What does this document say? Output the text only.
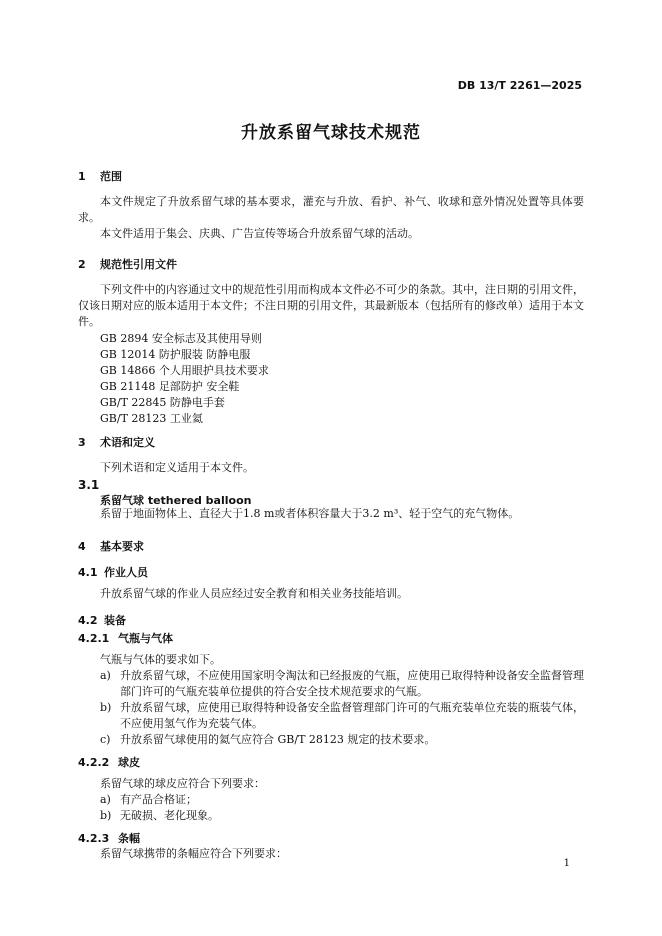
DB 13/T 2261—2025
升放系留气球技术规范
1 范围
本文件规定了升放系留气球的基本要求，灌充与升放、看护、补气、收球和意外情况处置等具体要求。
本文件适用于集会、庆典、广告宣传等场合升放系留气球的活动。
2 规范性引用文件
下列文件中的内容通过文中的规范性引用而构成本文件必不可少的条款。其中，注日期的引用文件，仅该日期对应的版本适用于本文件；不注日期的引用文件，其最新版本（包括所有的修改单）适用于本文件。
GB 2894 安全标志及其使用导则
GB 12014 防护服装 防静电服
GB 14866 个人用眼护具技术要求
GB 21148 足部防护 安全鞋
GB/T 22845 防静电手套
GB/T 28123 工业氦
3 术语和定义
下列术语和定义适用于本文件。
3.1
系留气球 tethered balloon
系留于地面物体上、直径大于1.8 m或者体积容量大于3.2 m³、轻于空气的充气物体。
4 基本要求
4.1 作业人员
升放系留气球的作业人员应经过安全教育和相关业务技能培训。
4.2 装备
4.2.1 气瓶与气体
气瓶与气体的要求如下。
a) 升放系留气球，不应使用国家明令淘汰和已经报废的气瓶，应使用已取得特种设备安全监督管理部门许可的气瓶充装单位提供的符合安全技术规范要求的气瓶。
b) 升放系留气球，应使用已取得特种设备安全监督管理部门许可的气瓶充装单位充装的瓶装气体，不应使用氢气作为充装气体。
c) 升放系留气球使用的氦气应符合 GB/T 28123 规定的技术要求。
4.2.2 球皮
系留气球的球皮应符合下列要求：
a) 有产品合格证；
b) 无破损、老化现象。
4.2.3 条幅
系留气球携带的条幅应符合下列要求：
1
